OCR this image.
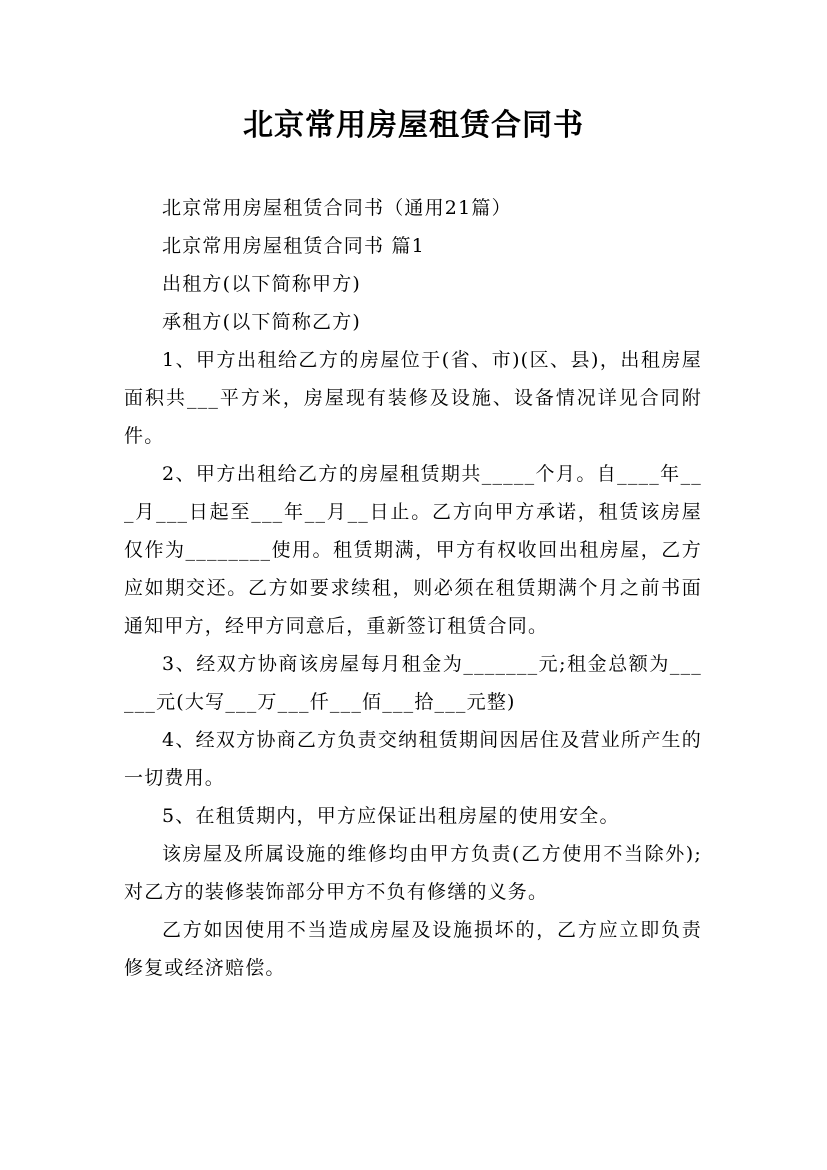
北京常用房屋租赁合同书

北京常用房屋租赁合同书（通用21篇）

北京常用房屋租赁合同书 篇1

出租方(以下简称甲方)

承租方(以下简称乙方)

1、甲方出租给乙方的房屋位于(省、市)(区、县)，出租房屋面积共___平方米，房屋现有装修及设施、设备情况详见合同附件。

2、甲方出租给乙方的房屋租赁期共_____个月。自____年___月___日起至___年__月__日止。乙方向甲方承诺，租赁该房屋仅作为________使用。租赁期满，甲方有权收回出租房屋，乙方应如期交还。乙方如要求续租，则必须在租赁期满个月之前书面通知甲方，经甲方同意后，重新签订租赁合同。

3、经双方协商该房屋每月租金为_______元;租金总额为______元(大写___万___仟___佰___拾___元整)

4、经双方协商乙方负责交纳租赁期间因居住及营业所产生的一切费用。

5、在租赁期内，甲方应保证出租房屋的使用安全。

该房屋及所属设施的维修均由甲方负责(乙方使用不当除外);对乙方的装修装饰部分甲方不负有修缮的义务。

乙方如因使用不当造成房屋及设施损坏的，乙方应立即负责修复或经济赔偿。
